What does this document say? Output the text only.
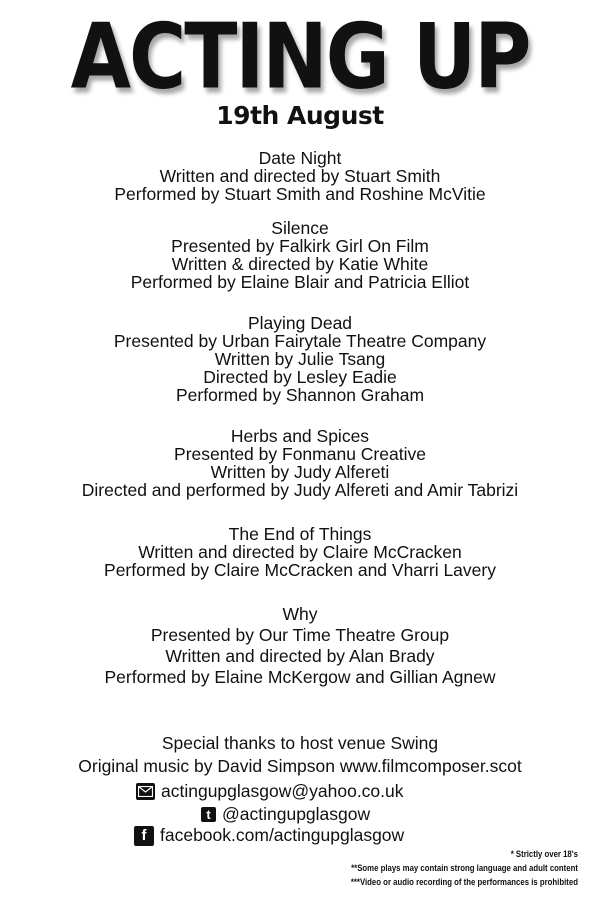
ACTING UP
19th August
Date Night
Written and directed by Stuart Smith
Performed by Stuart Smith and Roshine McVitie
Silence
Presented by Falkirk Girl On Film
Written & directed by Katie White
Performed by Elaine Blair and Patricia Elliot
Playing Dead
Presented by Urban Fairytale Theatre Company
Written by Julie Tsang
Directed by Lesley Eadie
Performed by Shannon Graham
Herbs and Spices
Presented by Fonmanu Creative
Written by Judy Alfereti
Directed and performed by Judy Alfereti and Amir Tabrizi
The End of Things
Written and directed by Claire McCracken
Performed by Claire McCracken and Vharri Lavery
Why
Presented by Our Time Theatre Group
Written and directed by Alan Brady
Performed by Elaine McKergow and Gillian Agnew
Special thanks to host venue Swing
Original music by David Simpson www.filmcomposer.scot
actingupglasgow@yahoo.co.uk
t @actingupglasgow
f facebook.com/actingupglasgow
* Strictly over 18's
**Some plays may contain strong language and adult content
***Video or audio recording of the performances is prohibited
